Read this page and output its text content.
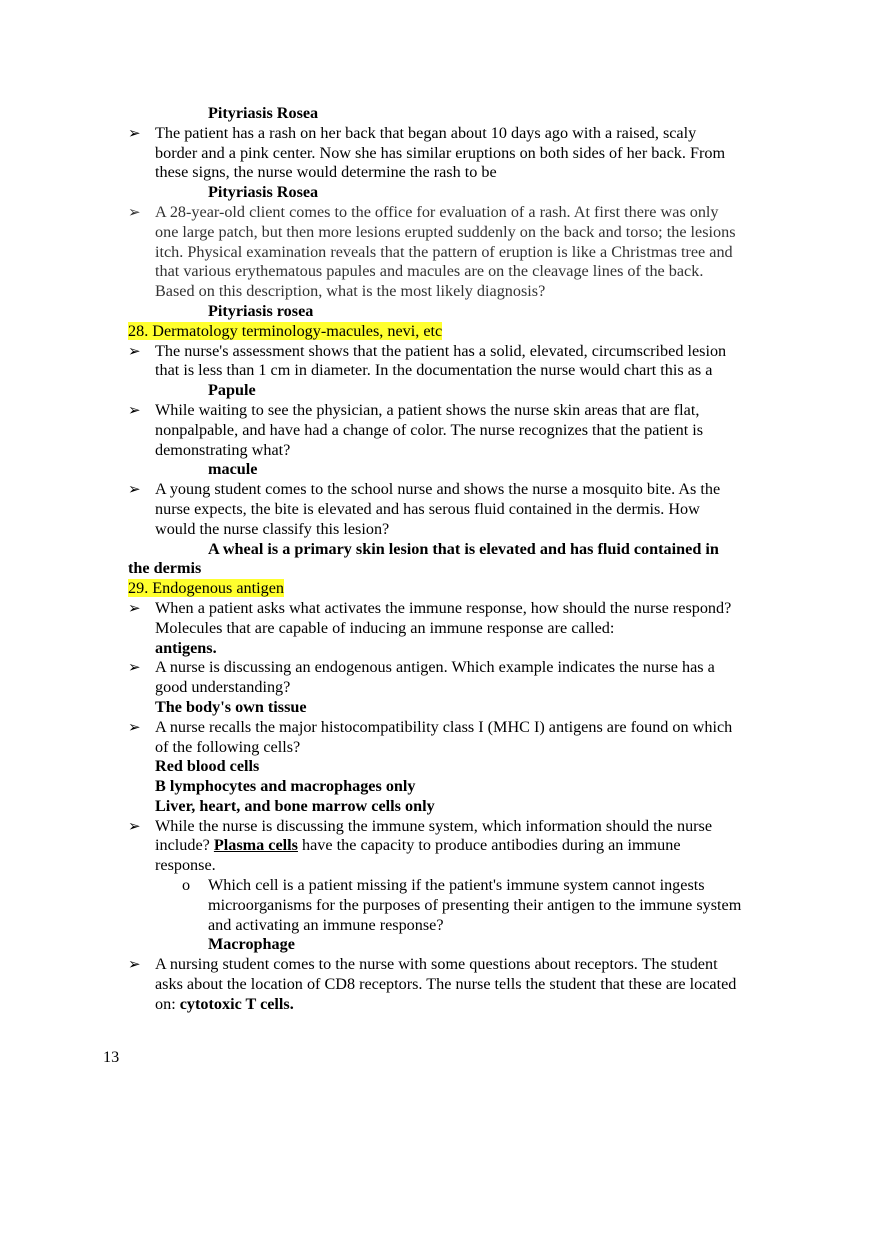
Pityriasis Rosea
➢ The patient has a rash on her back that began about 10 days ago with a raised, scaly
border and a pink center. Now she has similar eruptions on both sides of her back. From
these signs, the nurse would determine the rash to be
Pityriasis Rosea
➢ A 28-year-old client comes to the office for evaluation of a rash. At first there was only
one large patch, but then more lesions erupted suddenly on the back and torso; the lesions
itch. Physical examination reveals that the pattern of eruption is like a Christmas tree and
that various erythematous papules and macules are on the cleavage lines of the back.
Based on this description, what is the most likely diagnosis?
Pityriasis rosea
28. Dermatology terminology-macules, nevi, etc
➢ The nurse's assessment shows that the patient has a solid, elevated, circumscribed lesion
that is less than 1 cm in diameter. In the documentation the nurse would chart this as a
Papule
➢ While waiting to see the physician, a patient shows the nurse skin areas that are flat,
nonpalpable, and have had a change of color. The nurse recognizes that the patient is
demonstrating what?
macule
➢ A young student comes to the school nurse and shows the nurse a mosquito bite. As the
nurse expects, the bite is elevated and has serous fluid contained in the dermis. How
would the nurse classify this lesion?
A wheal is a primary skin lesion that is elevated and has fluid contained in
the dermis
29. Endogenous antigen
➢ When a patient asks what activates the immune response, how should the nurse respond?
Molecules that are capable of inducing an immune response are called:
antigens.
➢ A nurse is discussing an endogenous antigen. Which example indicates the nurse has a
good understanding?
The body's own tissue
➢ A nurse recalls the major histocompatibility class I (MHC I) antigens are found on which
of the following cells?
Red blood cells
B lymphocytes and macrophages only
Liver, heart, and bone marrow cells only
➢ While the nurse is discussing the immune system, which information should the nurse
include? Plasma cells have the capacity to produce antibodies during an immune
response.
o	Which cell is a patient missing if the patient's immune system cannot ingests
microorganisms for the purposes of presenting their antigen to the immune system
and activating an immune response?
Macrophage
➢ A nursing student comes to the nurse with some questions about receptors. The student
asks about the location of CD8 receptors. The nurse tells the student that these are located
on: cytotoxic T cells.
13
